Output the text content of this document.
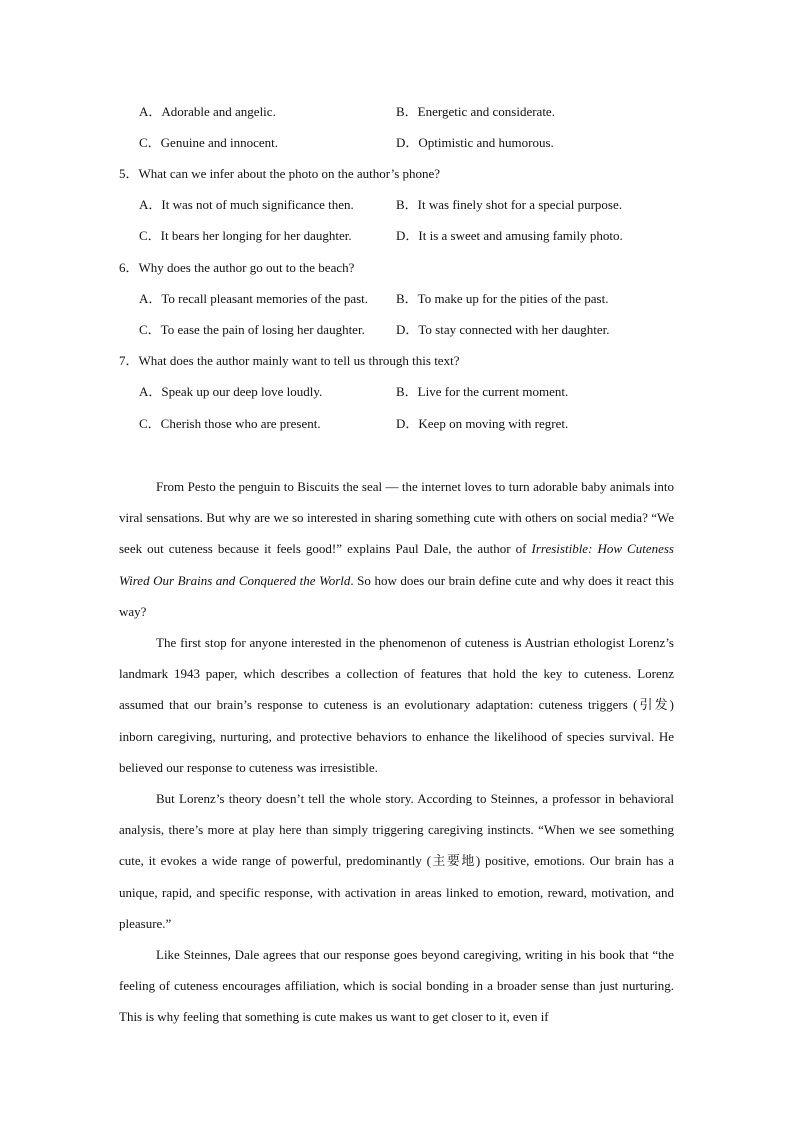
A．Adorable and angelic.	B．Energetic and considerate.
C．Genuine and innocent.	D．Optimistic and humorous.
5．What can we infer about the photo on the author’s phone?
A．It was not of much significance then.	B．It was finely shot for a special purpose.
C．It bears her longing for her daughter.	D．It is a sweet and amusing family photo.
6．Why does the author go out to the beach?
A．To recall pleasant memories of the past. B．To make up for the pities of the past.
C．To ease the pain of losing her daughter. D．To stay connected with her daughter.
7．What does the author mainly want to tell us through this text?
A．Speak up our deep love loudly.	B．Live for the current moment.
C．Cherish those who are present.	D．Keep on moving with regret.

From Pesto the penguin to Biscuits the seal — the internet loves to turn adorable baby animals into viral sensations. But why are we so interested in sharing something cute with others on social media? “We seek out cuteness because it feels good!” explains Paul Dale, the author of Irresistible: How Cuteness Wired Our Brains and Conquered the World. So how does our brain define cute and why does it react this way?

The first stop for anyone interested in the phenomenon of cuteness is Austrian ethologist Lorenz’s landmark 1943 paper, which describes a collection of features that hold the key to cuteness. Lorenz assumed that our brain’s response to cuteness is an evolutionary adaptation: cuteness triggers (引发) inborn caregiving, nurturing, and protective behaviors to enhance the likelihood of species survival. He believed our response to cuteness was irresistible.

But Lorenz’s theory doesn’t tell the whole story. According to Steinnes, a professor in behavioral analysis, there’s more at play here than simply triggering caregiving instincts. “When we see something cute, it evokes a wide range of powerful, predominantly (主要地) positive, emotions. Our brain has a unique, rapid, and specific response, with activation in areas linked to emotion, reward, motivation, and pleasure.”

Like Steinnes, Dale agrees that our response goes beyond caregiving, writing in his book that “the feeling of cuteness encourages affiliation, which is social bonding in a broader sense than just nurturing. This is why feeling that something is cute makes us want to get closer to it, even if
